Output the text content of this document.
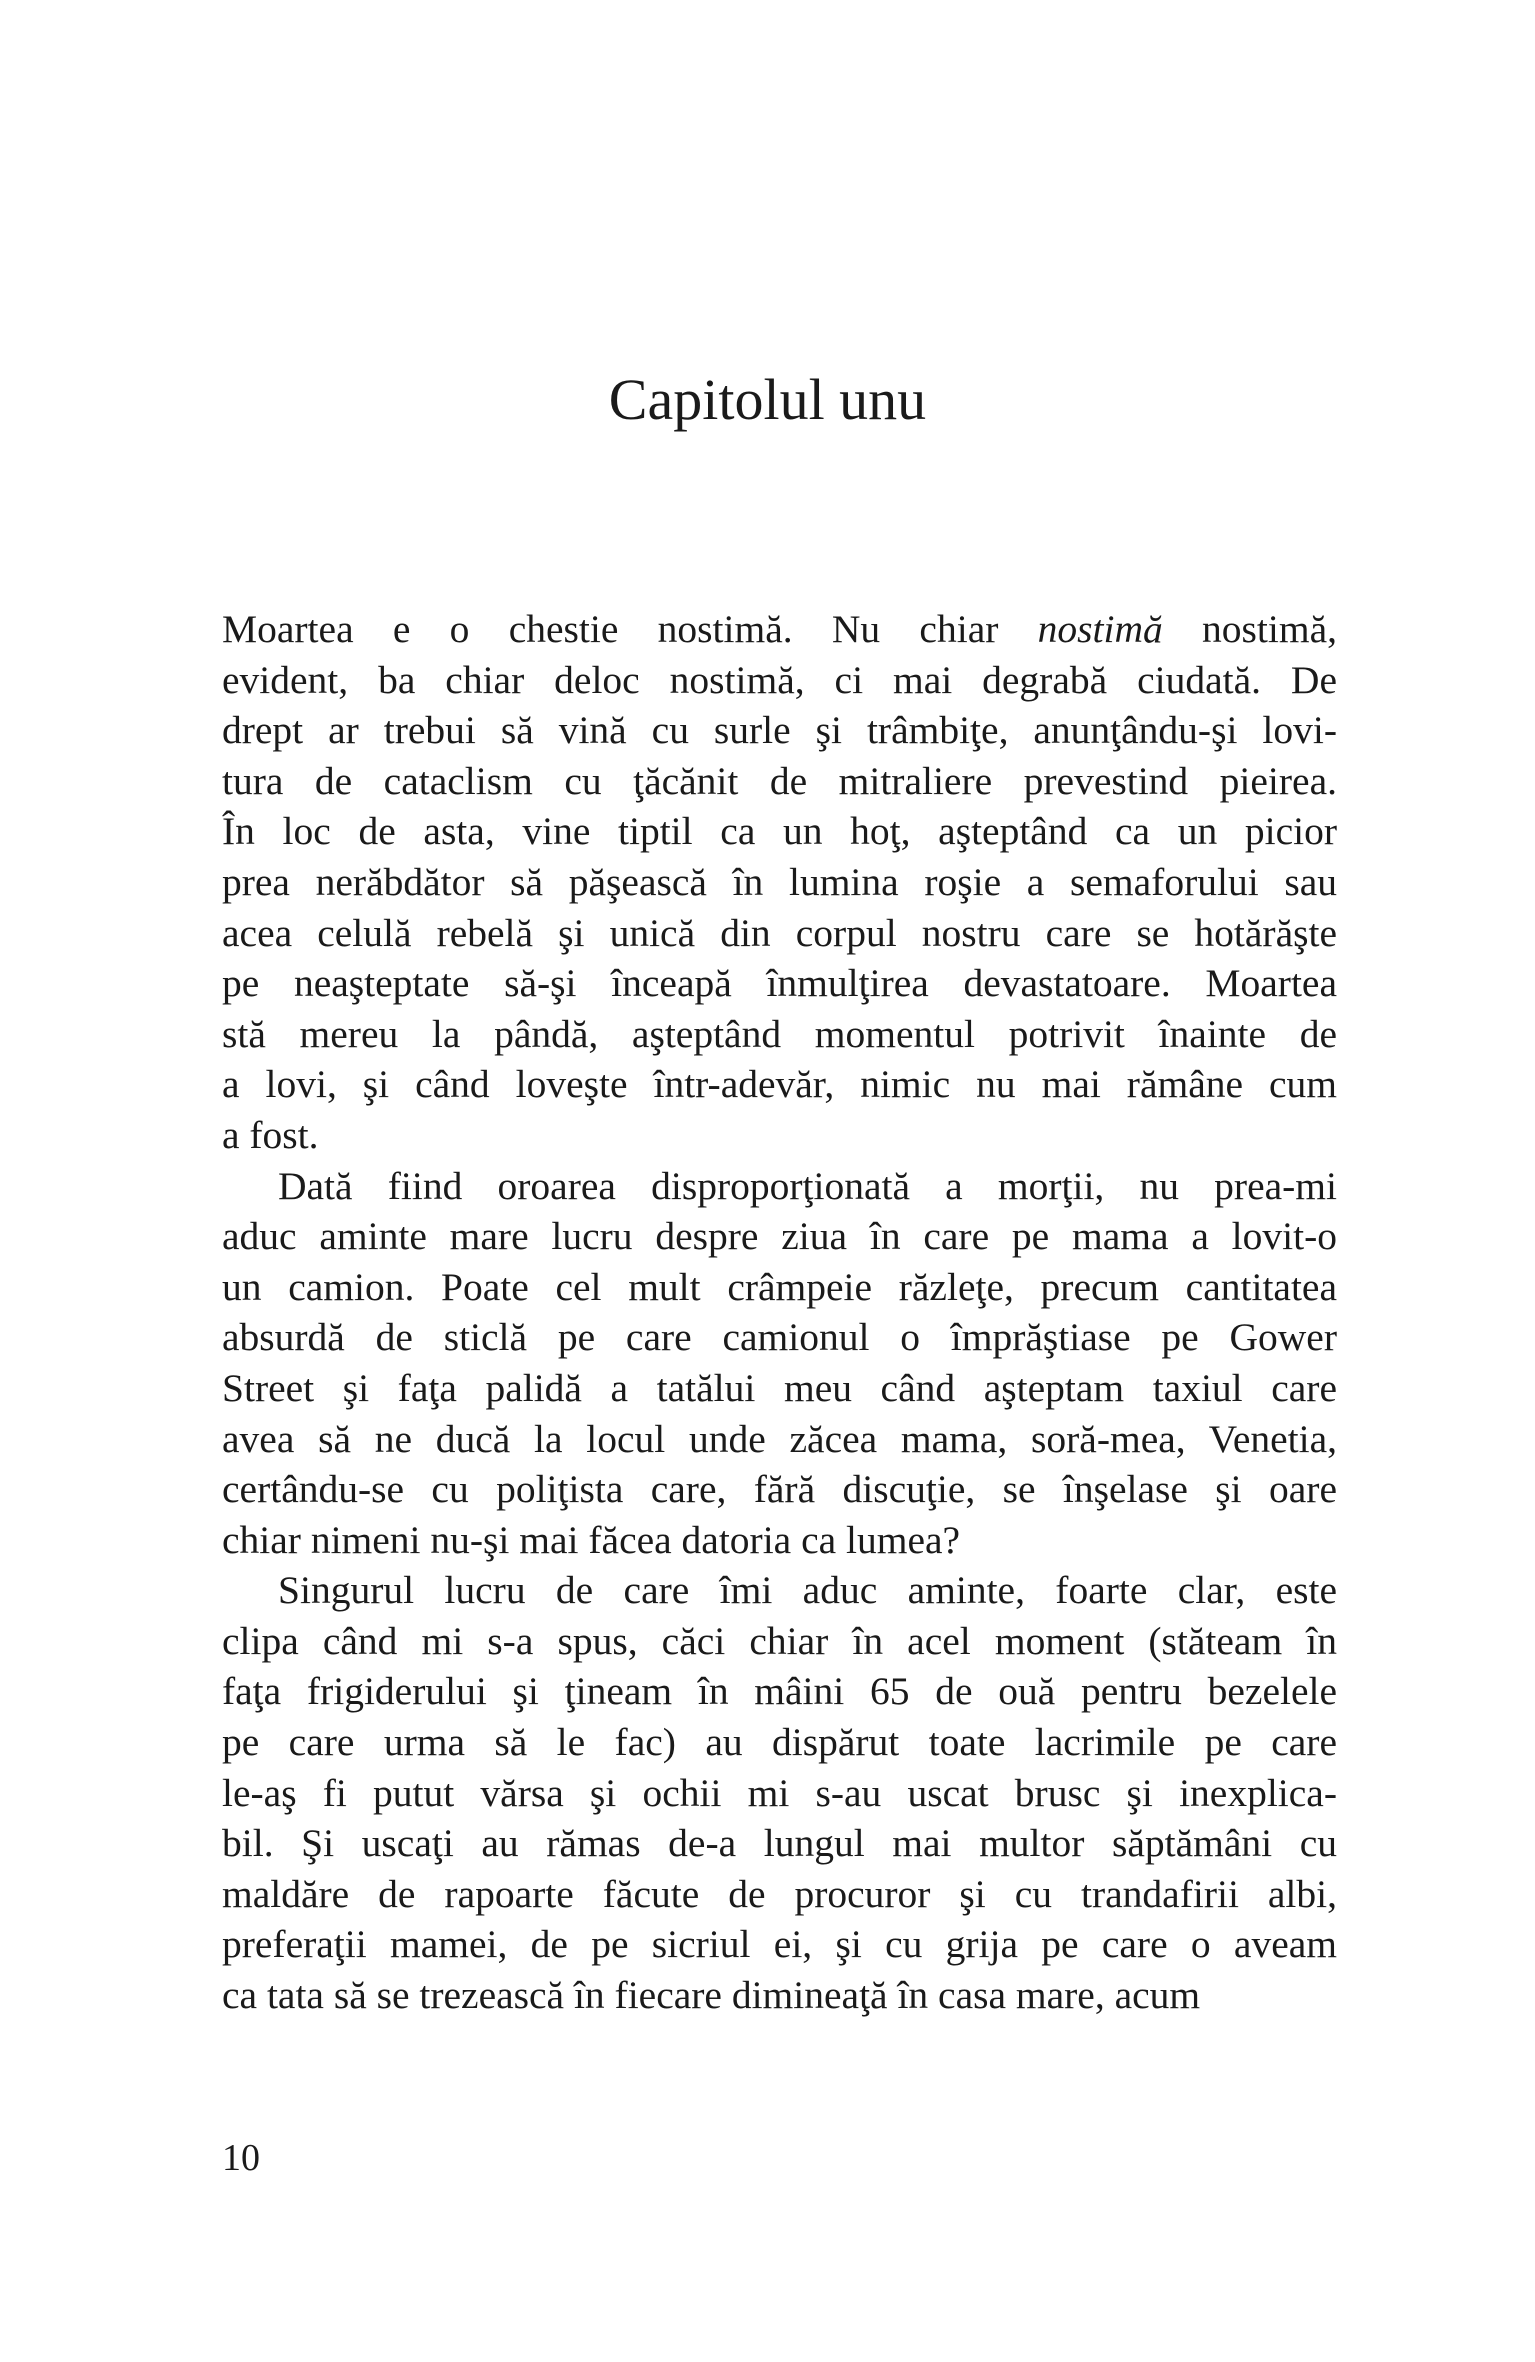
Capitolul unu
Moartea e o chestie nostimă. Nu chiar nostimă nostimă,
evident, ba chiar deloc nostimă, ci mai degrabă ciudată. De
drept ar trebui să vină cu surle şi trâmbiţe, anunţându-şi lovi-
tura de cataclism cu ţăcănit de mitraliere prevestind pieirea.
În loc de asta, vine tiptil ca un hoţ, aşteptând ca un picior
prea nerăbdător să păşească în lumina roşie a semaforului sau
acea celulă rebelă şi unică din corpul nostru care se hotărăşte
pe neaşteptate să-şi înceapă înmulţirea devastatoare. Moartea
stă mereu la pândă, aşteptând momentul potrivit înainte de
a lovi, şi când loveşte într-adevăr, nimic nu mai rămâne cum
a fost.
Dată fiind oroarea disproporţionată a morţii, nu prea-mi
aduc aminte mare lucru despre ziua în care pe mama a lovit-o
un camion. Poate cel mult crâmpeie răzleţe, precum cantitatea
absurdă de sticlă pe care camionul o împrăştiase pe Gower
Street şi faţa palidă a tatălui meu când aşteptam taxiul care
avea să ne ducă la locul unde zăcea mama, soră-mea, Venetia,
certându-se cu poliţista care, fără discuţie, se înşelase şi oare
chiar nimeni nu-şi mai făcea datoria ca lumea?
Singurul lucru de care îmi aduc aminte, foarte clar, este
clipa când mi s-a spus, căci chiar în acel moment (stăteam în
faţa frigiderului şi ţineam în mâini 65 de ouă pentru bezelele
pe care urma să le fac) au dispărut toate lacrimile pe care
le-aş fi putut vărsa şi ochii mi s-au uscat brusc şi inexplica-
bil. Şi uscaţi au rămas de-a lungul mai multor săptămâni cu
maldăre de rapoarte făcute de procuror şi cu trandafirii albi,
preferaţii mamei, de pe sicriul ei, şi cu grija pe care o aveam
ca tata să se trezească în fiecare dimineaţă în casa mare, acum
10
